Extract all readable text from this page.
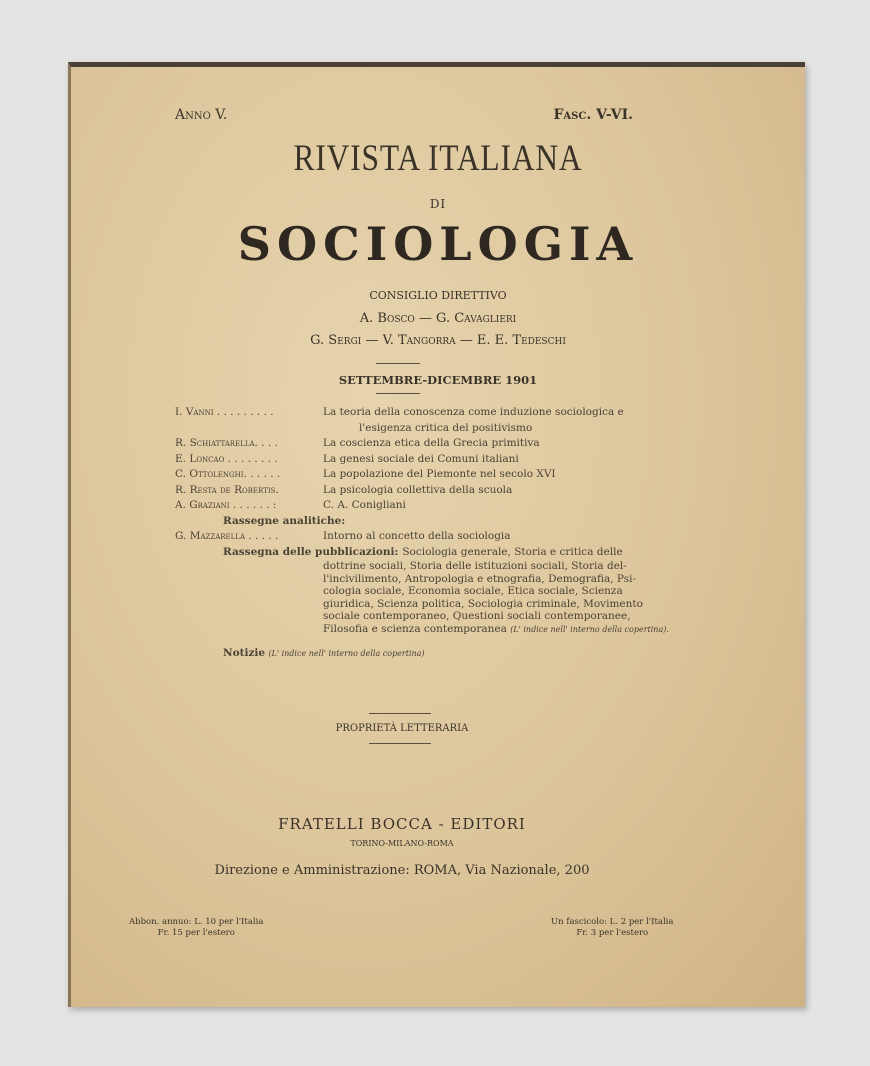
Anno V.	Fasc. V-VI.
RIVISTA ITALIANA
DI
SOCIOLOGIA
CONSIGLIO DIRETTIVO
A. Bosco — G. Cavaglieri
G. Sergi — V. Tangorra — E. E. Tedeschi
SETTEMBRE-DICEMBRE 1901
I. Vanni . . . . . . . . .	La teoria della conoscenza come induzione sociologica e
l'esigenza critica del positivismo
R. Schiattarella. . . .	La coscienza etica della Grecia primitiva
E. Loncao . . . . . . . .	La genesi sociale dei Comuni italiani
C. Ottolenghi. . . . . .	La popolazione del Piemonte nel secolo XVI
R. Resta de Robertis.	La psicologia collettiva della scuola
A. Graziani . . . . . . :	C. A. Conigliani
Rassegne analitiche:
G. Mazzarella . . . . .	Intorno al concetto della sociologia
Rassegna delle pubblicazioni: Sociologia generale, Storia e critica delle
dottrine sociali, Storia delle istituzioni sociali, Storia del-
l'incivilimento, Antropologia e etnografia, Demografia, Psi-
cologia sociale, Economia sociale, Etica sociale, Scienza
giuridica, Scienza politica, Sociologia criminale, Movimento
sociale contemporaneo, Questioni sociali contemporanee,
Filosofia e scienza contemporanea (L' indice nell' interno della copertina).
Notizie (L' indice nell' interno della copertina)
PROPRIETÀ LETTERARIA
FRATELLI BOCCA - EDITORI
TORINO-MILANO-ROMA
Direzione e Amministrazione: ROMA, Via Nazionale, 200
Abbon. annuo: L. 10 per l'Italia
Fr. 15 per l'estero
Un fascicolo: L. 2 per l'Italia
Fr. 3 per l'estero
